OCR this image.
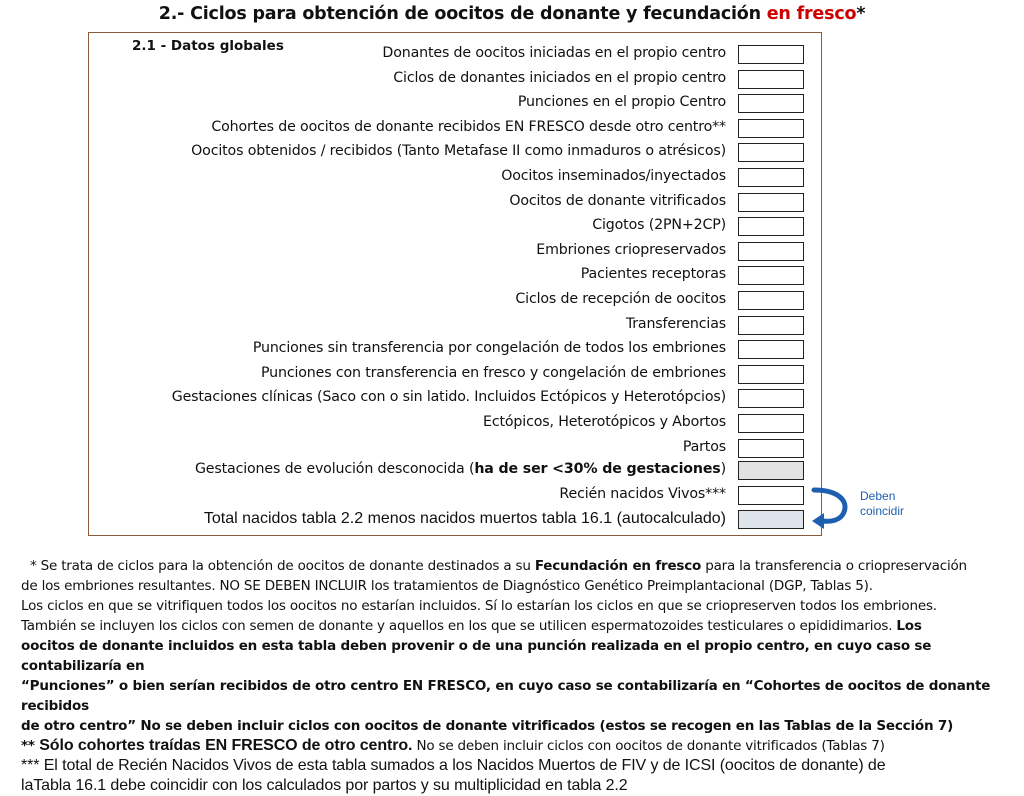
2.- Ciclos para obtención de oocitos de donante y fecundación en fresco*
2.1 - Datos globales	Donantes de oocitos iniciadas en el propio centro
Ciclos de donantes iniciados en el propio centro
Punciones en el propio Centro
Cohortes de oocitos de donante recibidos EN FRESCO desde otro centro**
Oocitos obtenidos / recibidos (Tanto Metafase II como inmaduros o atrésicos)
Oocitos inseminados/inyectados
Oocitos de donante vitrificados
Cigotos (2PN+2CP)
Embriones criopreservados
Pacientes receptoras
Ciclos de recepción de oocitos
Transferencias
Punciones sin transferencia por congelación de todos los embriones
Punciones con transferencia en fresco y congelación de embriones
Gestaciones clínicas (Saco con o sin latido. Incluidos Ectópicos y Heterotópcios)
Ectópicos, Heterotópicos y Abortos
Partos
Gestaciones de evolución desconocida (ha de ser <30% de gestaciones)
Recién nacidos Vivos***
Total nacidos tabla 2.2 menos nacidos muertos tabla 16.1 (autocalculado)
Deben
coincidir

* Se trata de ciclos para la obtención de oocitos de donante destinados a su Fecundación en fresco para la transferencia o criopreservación

de los embriones resultantes. NO SE DEBEN INCLUIR los tratamientos de Diagnóstico Genético Preimplantacional (DGP, Tablas 5).

Los ciclos en que se vitrifiquen todos los oocitos no estarían incluidos. Sí lo estarían los ciclos en que se criopreserven todos los embriones.

También se incluyen los ciclos con semen de donante y aquellos en los que se utilicen espermatozoides testiculares o epididimarios. Los

oocitos de donante incluidos en esta tabla deben provenir o de una punción realizada en el propio centro, en cuyo caso se contabilizaría en

“Punciones” o bien serían recibidos de otro centro EN FRESCO, en cuyo caso se contabilizaría en “Cohortes de oocitos de donante recibidos

de otro centro” No se deben incluir ciclos con oocitos de donante vitrificados (estos se recogen en las Tablas de la Sección 7)

** Sólo cohortes traídas EN FRESCO de otro centro. No se deben incluir ciclos con oocitos de donante vitrificados (Tablas 7)

*** El total de Recién Nacidos Vivos de esta tabla sumados a los Nacidos Muertos de FIV y de ICSI (oocitos de donante) de

laTabla 16.1 debe coincidir con los calculados por partos y su multiplicidad en tabla 2.2
